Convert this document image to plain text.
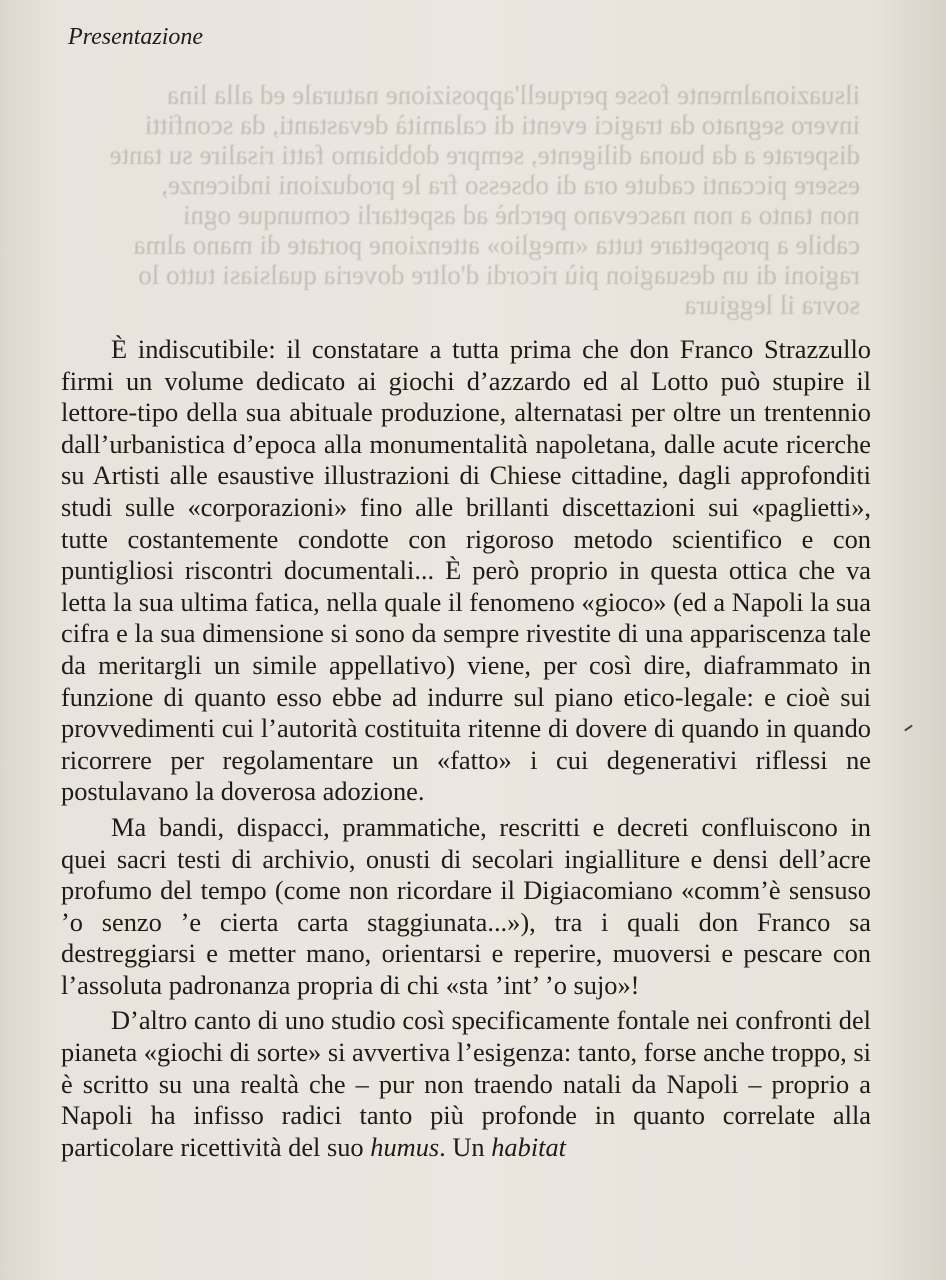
Presentazione
ilsuazionalmente fosse perquell'apposizione naturale ed alla lina
invero segnato da tragici eventi di calamità devastanti, da sconfitti
disperate a da buona diligente, sempre dobbiamo fatti risalire su tante
essere piccanti cadute ora di obsesso fra le produzioni indicenze,
non tanto a non nascevano perchè ad aspettarli comunque ogni
cabile a prospettare tutta «meglio» attenzione portate di mano alma
ragioni di un desuagion più ricordi d'oltre doveria qualsiasi tutto lo
sovra il leggiura

È indiscutibile: il constatare a tutta prima che don Franco Strazzullo firmi un volume dedicato ai giochi d’azzardo ed al Lotto può stupire il lettore-tipo della sua abituale produzione, alternatasi per oltre un trentennio dall’urbanistica d’epoca alla monumentalità napoletana, dalle acute ricerche su Artisti alle esaustive illustrazioni di Chiese cittadine, dagli approfonditi studi sulle «corporazioni» fino alle brillanti discettazioni sui «paglietti», tutte costantemente condotte con rigoroso metodo scientifico e con puntigliosi riscontri documentali... È però proprio in questa ottica che va letta la sua ultima fatica, nella quale il fenomeno «gioco» (ed a Napoli la sua cifra e la sua dimensione si sono da sempre rivestite di una appariscenza tale da meritargli un simile appellativo) viene, per così dire, diaframmato in funzione di quanto esso ebbe ad indurre sul piano etico-legale: e cioè sui provvedimenti cui l’autorità costituita ritenne di dovere di quando in quando ricorrere per regolamentare un «fatto» i cui degenerativi riflessi ne postulavano la doverosa adozione.

Ma bandi, dispacci, prammatiche, rescritti e decreti confluiscono in quei sacri testi di archivio, onusti di secolari ingialliture e densi dell’acre profumo del tempo (come non ricordare il Digiacomiano «comm’è sensuso ’o senzo ’e cierta carta staggiunata...»), tra i quali don Franco sa destreggiarsi e metter mano, orientarsi e reperire, muoversi e pescare con l’assoluta padronanza propria di chi «sta ’int’ ’o sujo»!

D’altro canto di uno studio così specificamente fontale nei confronti del pianeta «giochi di sorte» si avvertiva l’esigenza: tanto, forse anche troppo, si è scritto su una realtà che – pur non traendo natali da Napoli – proprio a Napoli ha infisso radici tanto più profonde in quanto correlate alla particolare ricettività del suo humus. Un habitat
